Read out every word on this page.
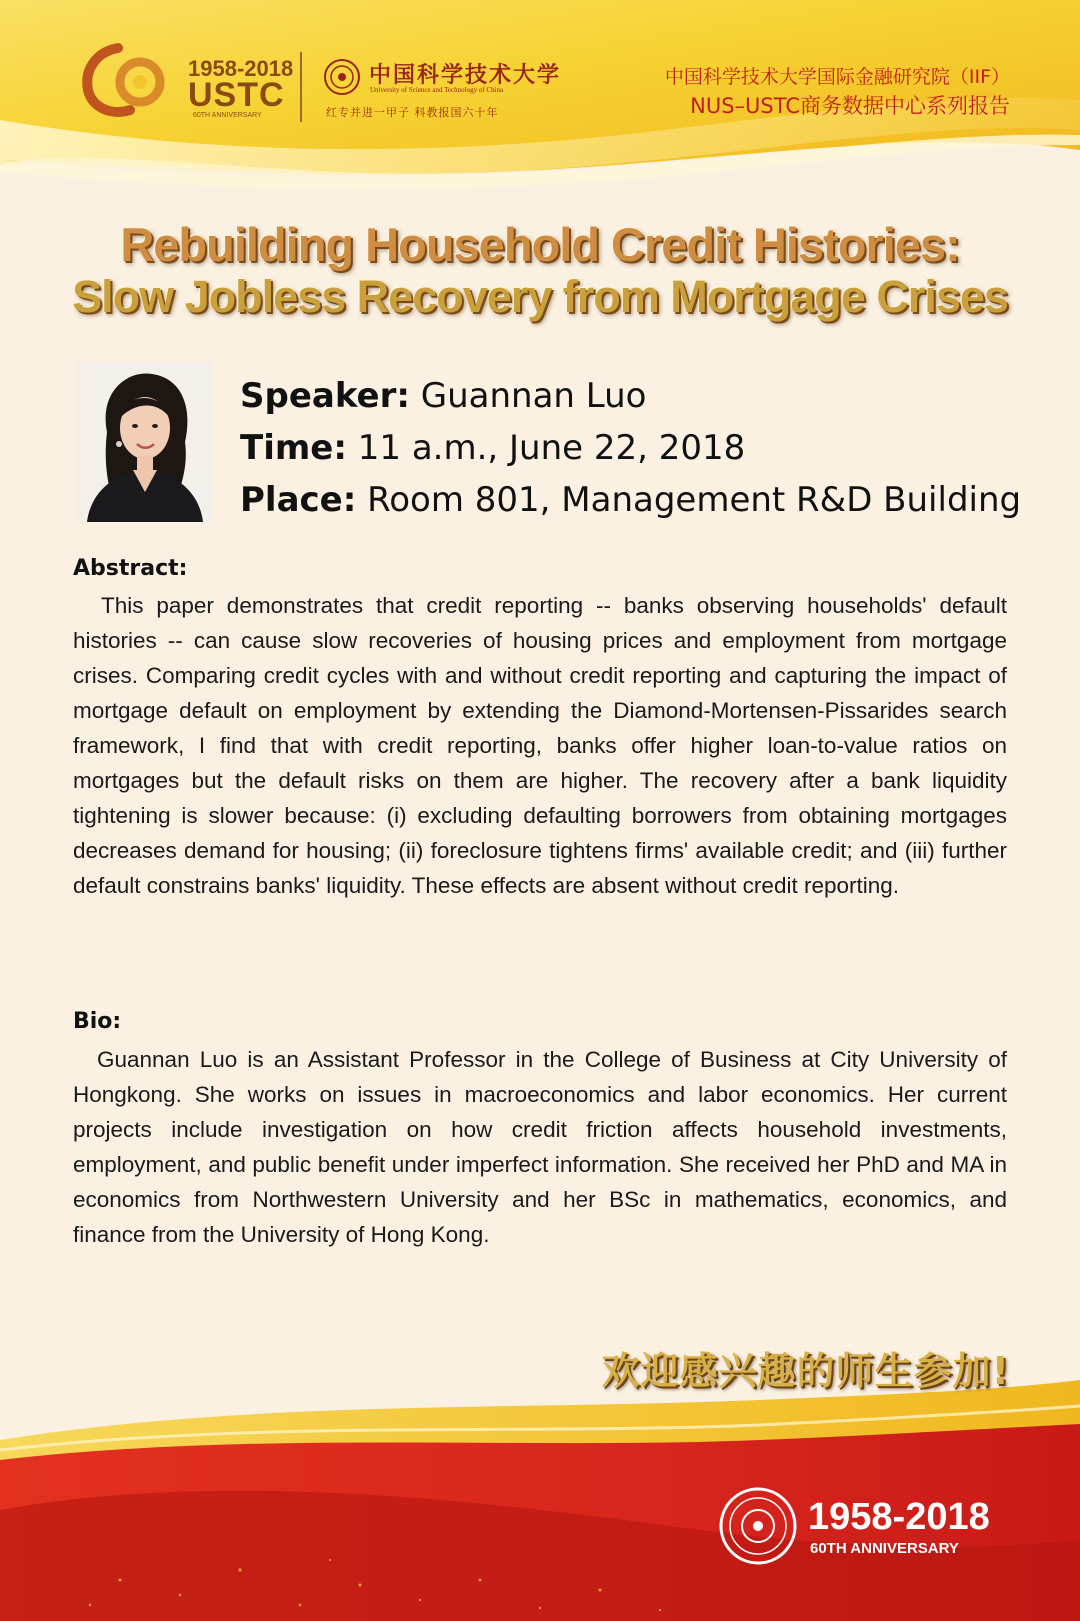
1958-2018
USTC
60TH ANNIVERSARY
中国科学技术大学
University of Science and Technology of China
红专并进一甲子 科教报国六十年
中国科学技术大学国际金融研究院（IIF）
NUS–USTC商务数据中心系列报告
Rebuilding Household Credit Histories:
Slow Jobless Recovery from Mortgage Crises
Speaker: Guannan Luo
Time: 11 a.m., June 22, 2018
Place: Room 801, Management R&D Building
Abstract:
This paper demonstrates that credit reporting -- banks observing households' default histories -- can cause slow recoveries of housing prices and employment from mortgage crises. Comparing credit cycles with and without credit reporting and capturing the impact of mortgage default on employment by extending the Diamond-Mortensen-Pissarides search framework, I find that with credit reporting, banks offer higher loan-to-value ratios on mortgages but the default risks on them are higher. The recovery after a bank liquidity tightening is slower because: (i) excluding defaulting borrowers from obtaining mortgages decreases demand for housing; (ii) foreclosure tightens firms' available credit; and (iii) further default constrains banks' liquidity. These effects are absent without credit reporting.
Bio:
Guannan Luo is an Assistant Professor in the College of Business at City University of Hongkong. She works on issues in macroeconomics and labor economics. Her current projects include investigation on how credit friction affects household investments, employment, and public benefit under imperfect information. She received her PhD and MA in economics from Northwestern University and her BSc in mathematics, economics, and finance from the University of Hong Kong.
欢迎感兴趣的师生参加!
1958-2018
60TH ANNIVERSARY
